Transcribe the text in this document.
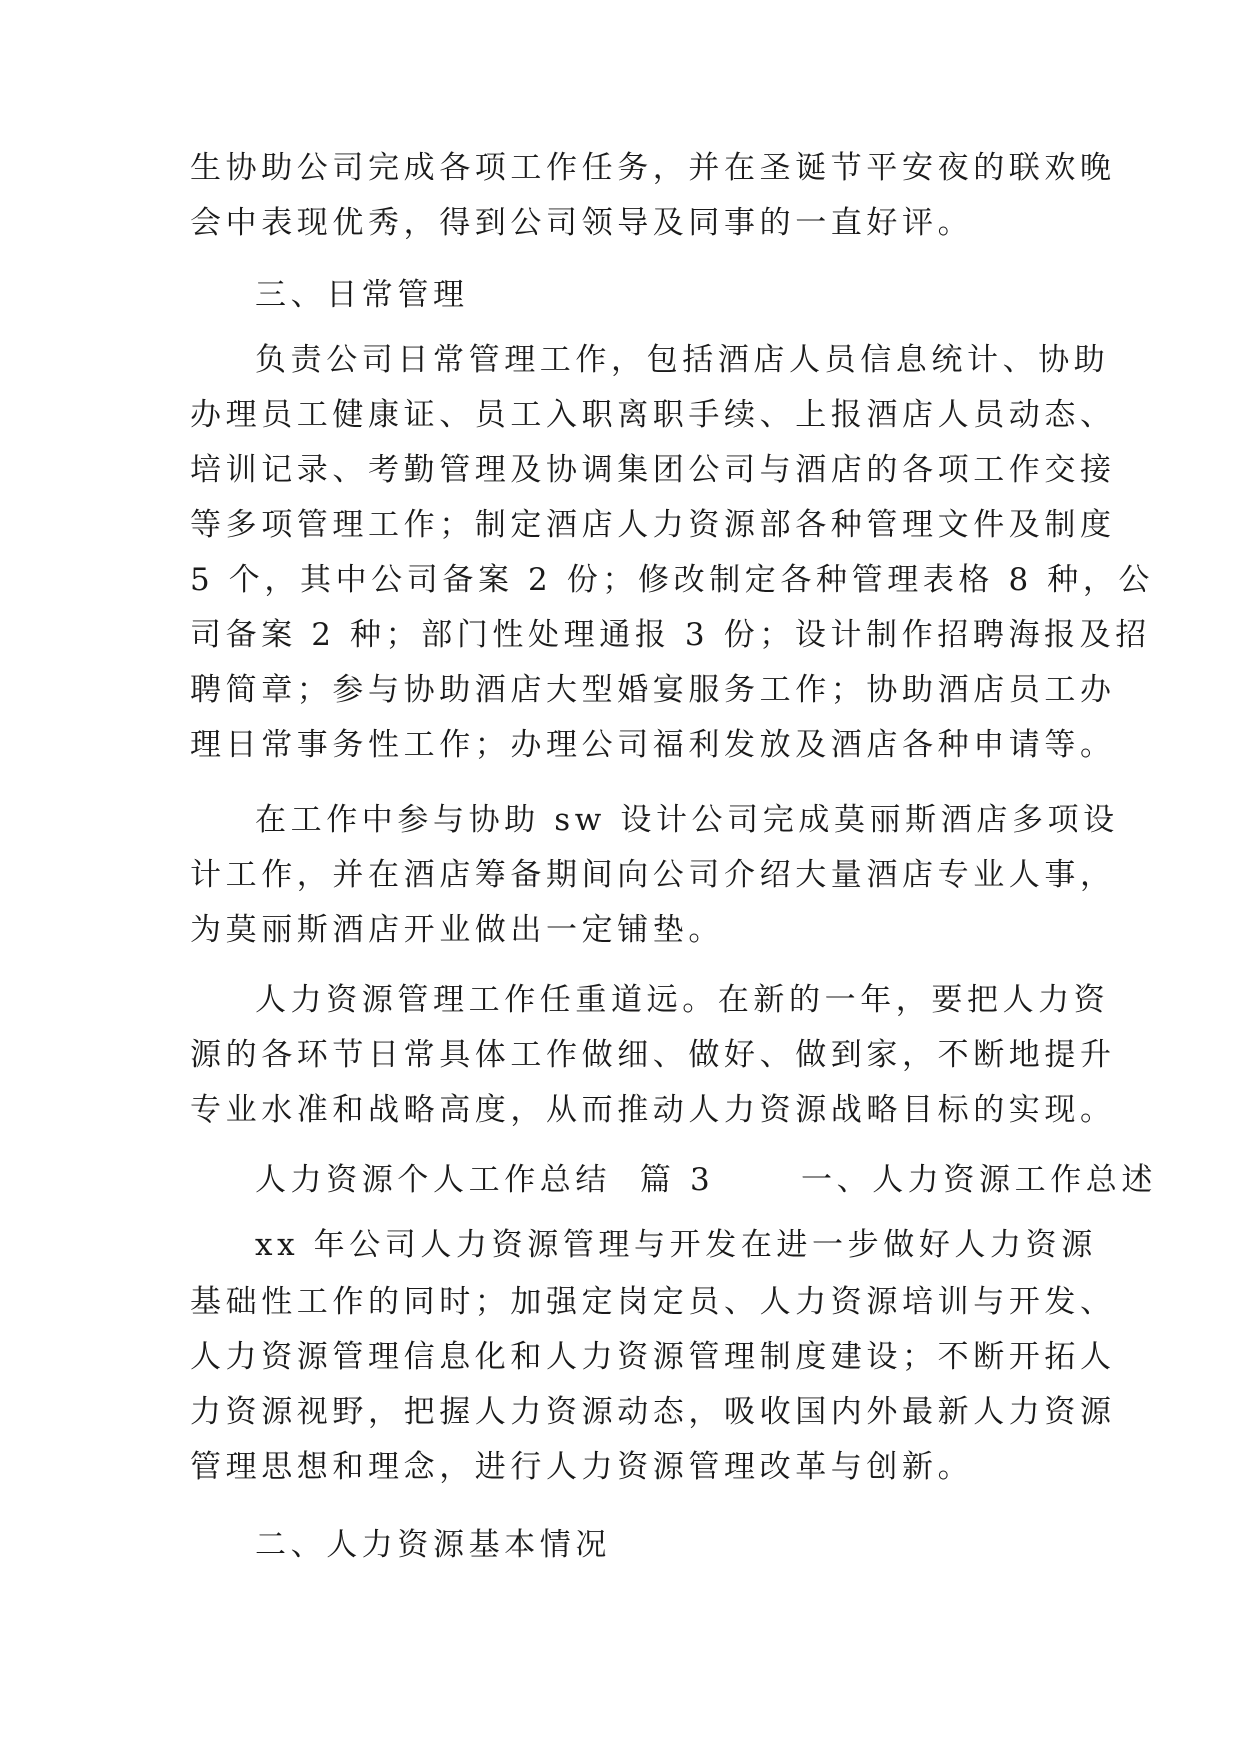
生协助公司完成各项工作任务，并在圣诞节平安夜的联欢晚

会中表现优秀，得到公司领导及同事的一直好评。

三、日常管理

负责公司日常管理工作，包括酒店人员信息统计、协助

办理员工健康证、员工入职离职手续、上报酒店人员动态、

培训记录、考勤管理及协调集团公司与酒店的各项工作交接

等多项管理工作；制定酒店人力资源部各种管理文件及制度

5 个，其中公司备案 2 份；修改制定各种管理表格 8 种，公

司备案 2 种；部门性处理通报 3 份；设计制作招聘海报及招

聘简章；参与协助酒店大型婚宴服务工作；协助酒店员工办

理日常事务性工作；办理公司福利发放及酒店各种申请等。

在工作中参与协助 sw 设计公司完成莫丽斯酒店多项设

计工作，并在酒店筹备期间向公司介绍大量酒店专业人事，

为莫丽斯酒店开业做出一定铺垫。

人力资源管理工作任重道远。在新的一年，要把人力资

源的各环节日常具体工作做细、做好、做到家，不断地提升

专业水准和战略高度，从而推动人力资源战略目标的实现。

人力资源个人工作总结  篇 3      一、人力资源工作总述

xx 年公司人力资源管理与开发在进一步做好人力资源

基础性工作的同时；加强定岗定员、人力资源培训与开发、

人力资源管理信息化和人力资源管理制度建设；不断开拓人

力资源视野，把握人力资源动态，吸收国内外最新人力资源

管理思想和理念，进行人力资源管理改革与创新。

二、人力资源基本情况
